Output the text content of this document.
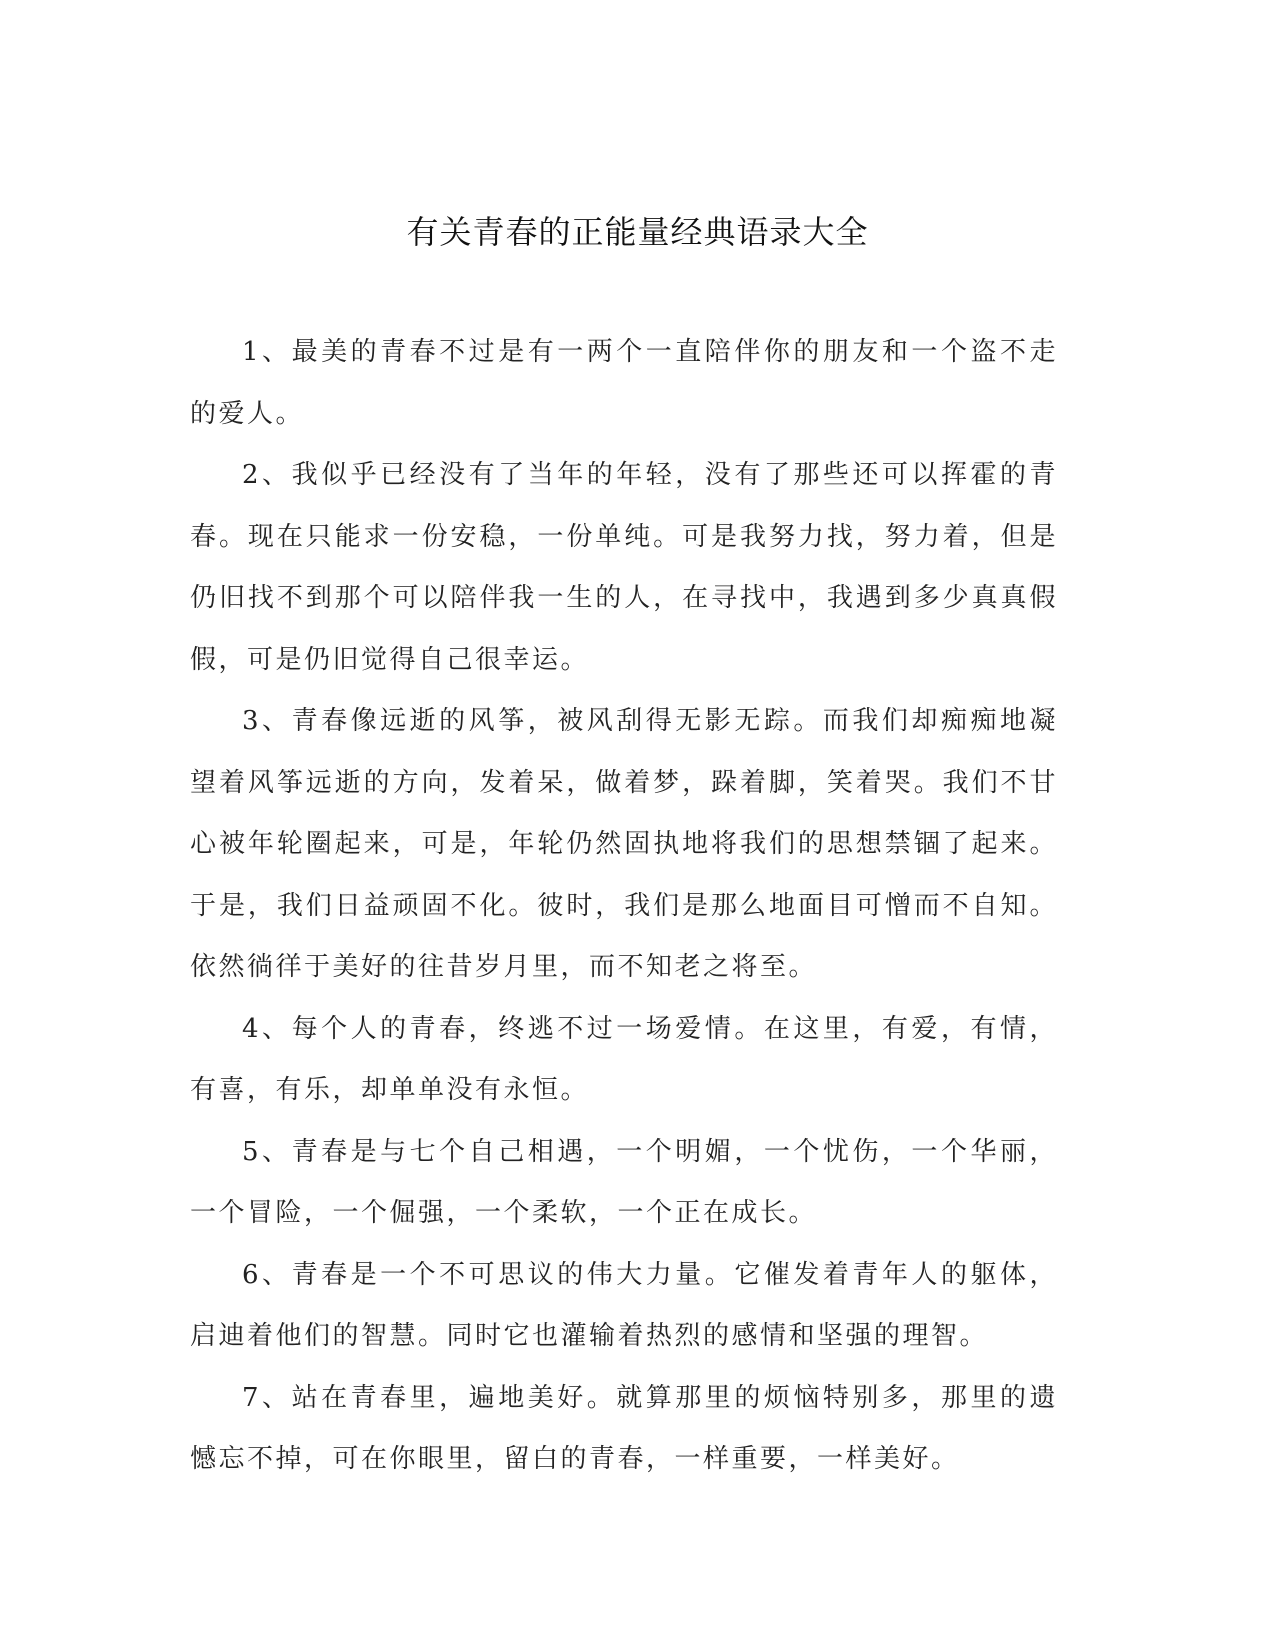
有关青春的正能量经典语录大全

1、最美的青春不过是有一两个一直陪伴你的朋友和一个盗不走的爱人。

2、我似乎已经没有了当年的年轻，没有了那些还可以挥霍的青春。现在只能求一份安稳，一份单纯。可是我努力找，努力着，但是仍旧找不到那个可以陪伴我一生的人，在寻找中，我遇到多少真真假假，可是仍旧觉得自己很幸运。

3、青春像远逝的风筝，被风刮得无影无踪。而我们却痴痴地凝望着风筝远逝的方向，发着呆，做着梦，跺着脚，笑着哭。我们不甘心被年轮圈起来，可是，年轮仍然固执地将我们的思想禁锢了起来。于是，我们日益顽固不化。彼时，我们是那么地面目可憎而不自知。依然徜徉于美好的往昔岁月里，而不知老之将至。

4、每个人的青春，终逃不过一场爱情。在这里，有爱，有情，有喜，有乐，却单单没有永恒。

5、青春是与七个自己相遇，一个明媚，一个忧伤，一个华丽，一个冒险，一个倔强，一个柔软，一个正在成长。

6、青春是一个不可思议的伟大力量。它催发着青年人的躯体，启迪着他们的智慧。同时它也灌输着热烈的感情和坚强的理智。

7、站在青春里，遍地美好。就算那里的烦恼特别多，那里的遗憾忘不掉，可在你眼里，留白的青春，一样重要，一样美好。
